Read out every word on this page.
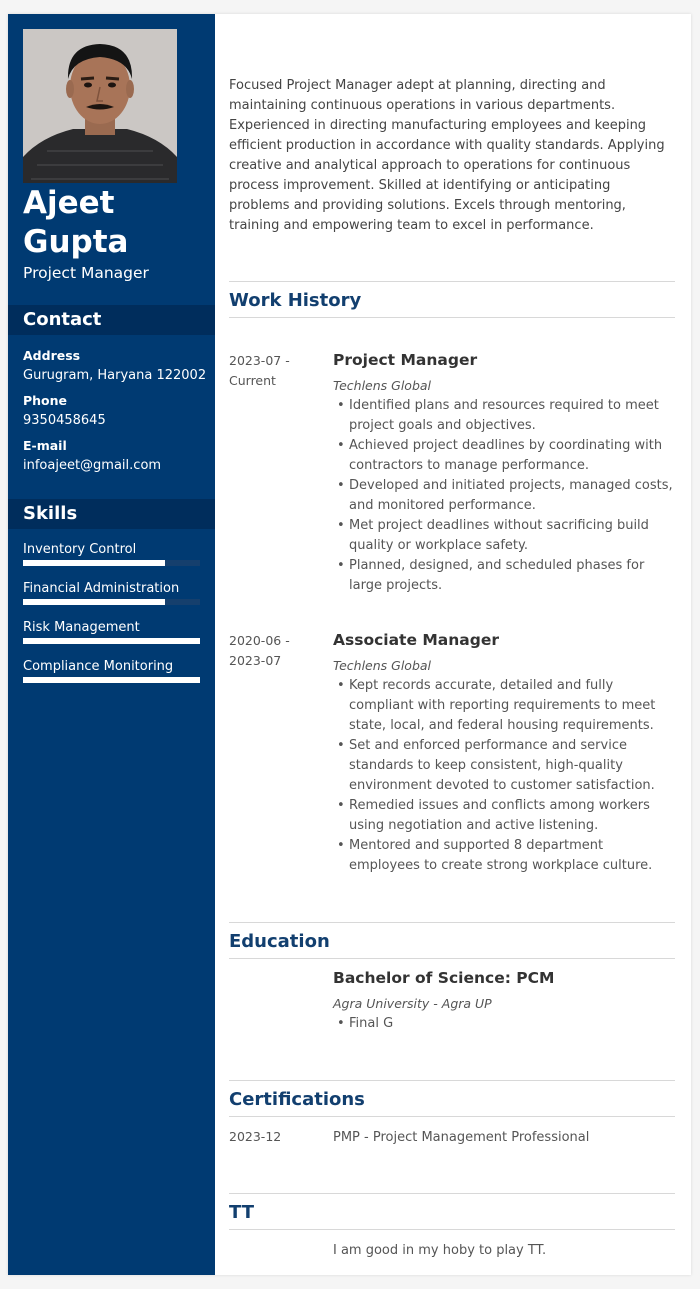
Ajeet
Gupta
Project Manager
Contact
Address
Gurugram, Haryana 122002
Phone
9350458645
E-mail
infoajeet@gmail.com
Skills
Inventory Control
Financial Administration
Risk Management
Compliance Monitoring
Focused Project Manager adept at planning, directing and maintaining continuous operations in various departments. Experienced in directing manufacturing employees and keeping efficient production in accordance with quality standards. Applying creative and analytical approach to operations for continuous process improvement. Skilled at identifying or anticipating problems and providing solutions. Excels through mentoring, training and empowering team to excel in performance.
Work History
2023-07 -
Current
Project Manager
Techlens Global
• Identified plans and resources required to meet project goals and objectives.
• Achieved project deadlines by coordinating with contractors to manage performance.
• Developed and initiated projects, managed costs, and monitored performance.
• Met project deadlines without sacrificing build quality or workplace safety.
• Planned, designed, and scheduled phases for large projects.
2020-06 -
2023-07
Associate Manager
Techlens Global
• Kept records accurate, detailed and fully compliant with reporting requirements to meet state, local, and federal housing requirements.
• Set and enforced performance and service standards to keep consistent, high-quality environment devoted to customer satisfaction.
• Remedied issues and conflicts among workers using negotiation and active listening.
• Mentored and supported 8 department employees to create strong workplace culture.
Education
Bachelor of Science: PCM
Agra University - Agra UP
• Final G
Certifications
2023-12	PMP - Project Management Professional
TT
I am good in my hoby to play TT.
